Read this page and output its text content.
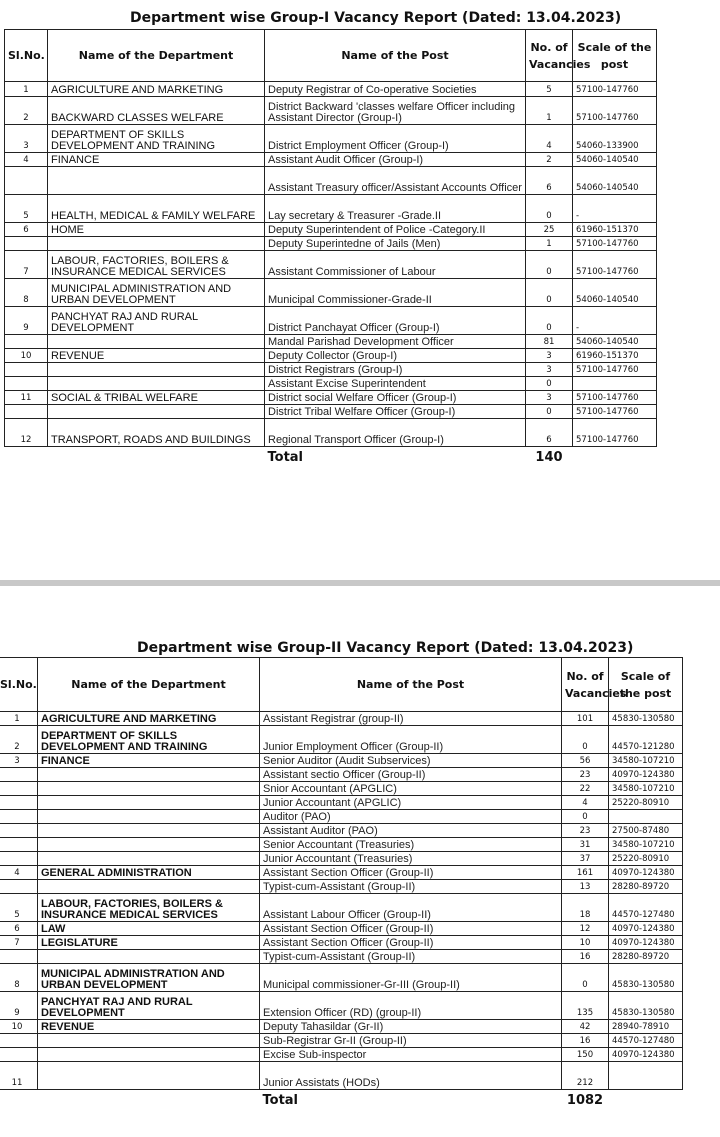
Department wise Group-I Vacancy Report (Dated: 13.04.2023)
Sl.No.	Name of the Department	Name of the Post	No. of Vacancies	Scale of the post
1	AGRICULTURE AND MARKETING	Deputy Registrar of Co-operative Societies	5	57100-147760
2	BACKWARD CLASSES WELFARE	District Backward 'classes welfare Officer including Assistant Director (Group-I)	1	57100-147760
3	DEPARTMENT OF SKILLS DEVELOPMENT AND TRAINING	District Employment Officer (Group-I)	4	54060-133900
4	FINANCE	Assistant Audit Officer (Group-I)	2	54060-140540
		Assistant Treasury officer/Assistant Accounts Officer	6	54060-140540
5	HEALTH, MEDICAL & FAMILY WELFARE	Lay secretary & Treasurer -Grade.II	0	-
6	HOME	Deputy Superintendent of Police -Category.II	25	61960-151370
		Deputy Superintedne of Jails (Men)	1	57100-147760
7	LABOUR, FACTORIES, BOILERS & INSURANCE MEDICAL SERVICES	Assistant Commissioner of Labour	0	57100-147760
8	MUNICIPAL ADMINISTRATION AND URBAN DEVELOPMENT	Municipal Commissioner-Grade-II	0	54060-140540
9	PANCHYAT RAJ AND RURAL DEVELOPMENT	District Panchayat Officer (Group-I)	0	-
		Mandal Parishad Development Officer	81	54060-140540
10	REVENUE	Deputy Collector (Group-I)	3	61960-151370
		District Registrars (Group-I)	3	57100-147760
		Assistant Excise Superintendent	0	
11	SOCIAL & TRIBAL WELFARE	District social Welfare Officer (Group-I)	3	57100-147760
		District Tribal Welfare Officer (Group-I)	0	57100-147760
12	TRANSPORT, ROADS AND BUILDINGS	Regional Transport Officer (Group-I)	6	57100-147760
		Total	140	
Department wise Group-II Vacancy Report (Dated: 13.04.2023)
Sl.No.	Name of the Department	Name of the Post	No. of Vacancies	Scale of the post
1	AGRICULTURE AND MARKETING	Assistant Registrar (group-II)	101	45830-130580
2	DEPARTMENT OF SKILLS DEVELOPMENT AND TRAINING	Junior Employment Officer (Group-II)	0	44570-121280
3	FINANCE	Senior Auditor (Audit Subservices)	56	34580-107210
		Assistant sectio Officer (Group-II)	23	40970-124380
		Snior Accountant (APGLIC)	22	34580-107210
		Junior Accountant (APGLIC)	4	25220-80910
		Auditor (PAO)	0	
		Assistant Auditor (PAO)	23	27500-87480
		Senior Accountant (Treasuries)	31	34580-107210
		Junior Accountant (Treasuries)	37	25220-80910
4	GENERAL ADMINISTRATION	Assistant Section Officer (Group-II)	161	40970-124380
		Typist-cum-Assistant (Group-II)	13	28280-89720
5	LABOUR, FACTORIES, BOILERS & INSURANCE MEDICAL SERVICES	Assistant Labour Officer (Group-II)	18	44570-127480
6	LAW	Assistant Section Officer (Group-II)	12	40970-124380
7	LEGISLATURE	Assistant Section Officer (Group-II)	10	40970-124380
		Typist-cum-Assistant (Group-II)	16	28280-89720
8	MUNICIPAL ADMINISTRATION AND URBAN DEVELOPMENT	Municipal commissioner-Gr-III (Group-II)	0	45830-130580
9	PANCHYAT RAJ AND RURAL DEVELOPMENT	Extension Officer (RD) (group-II)	135	45830-130580
10	REVENUE	Deputy Tahasildar (Gr-II)	42	28940-78910
		Sub-Registrar Gr-II (Group-II)	16	44570-127480
		Excise Sub-inspector	150	40970-124380
11		Junior Assistats (HODs)	212	
		Total	1082	
